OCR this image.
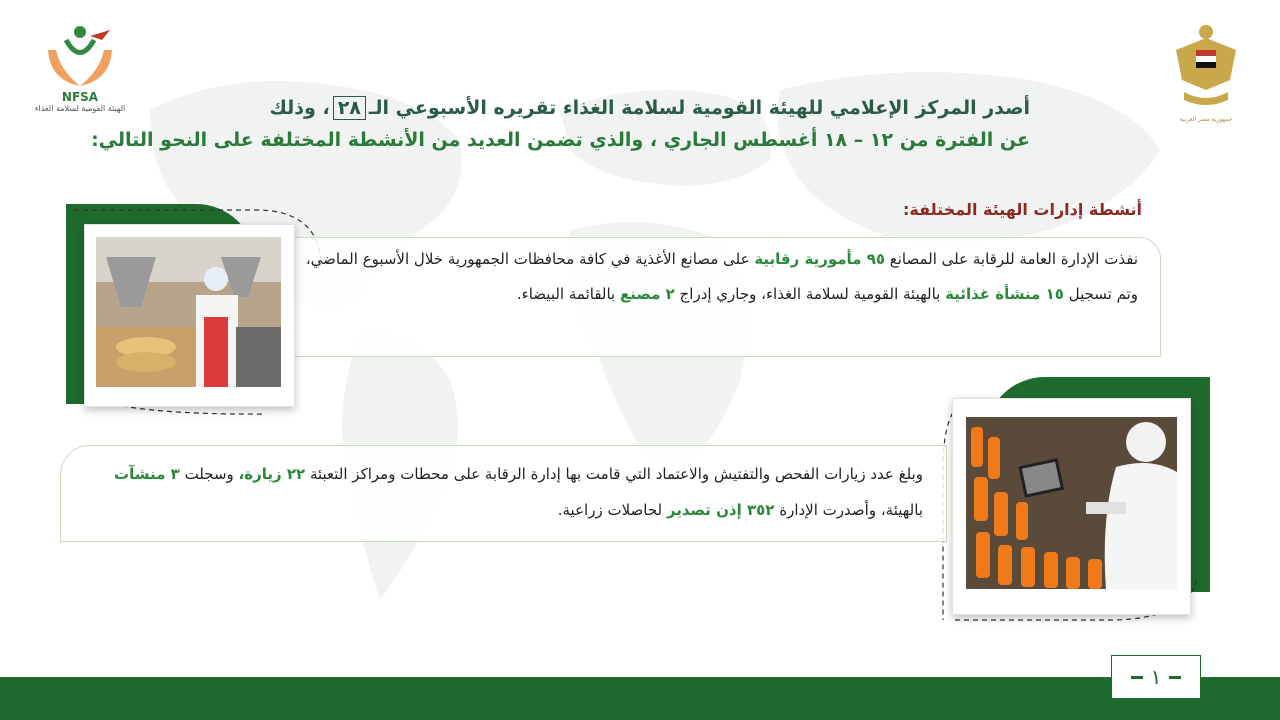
١
NFSA
الهيئة القومية لسلامة الغذاء
جمهورية مصر العربية
أصدر المركز الإعلامي للهيئة القومية لسلامة الغذاء تقريره الأسبوعي الـ٢٨، وذلك
عن الفترة من ١٢ – ١٨ أغسطس الجاري ، والذي تضمن العديد من الأنشطة المختلفة على النحو التالي:
أنشطة إدارات الهيئة المختلفة:
نفذت الإدارة العامة للرقابة على المصانع ٩٥ مأمورية رقابية على مصانع الأغذية في كافة محافظات الجمهورية خلال الأسبوع الماضي، وتم تسجيل ١٥ منشأة غذائية بالهيئة القومية لسلامة الغذاء، وجاري إدراج ٢ مصنع بالقائمة البيضاء.
وبلغ عدد زيارات الفحص والتفتيش والاعتماد التي قامت بها إدارة الرقابة على محطات ومراكز التعبئة ٢٢ زيارة، وسجلت ٣ منشآت بالهيئة، وأصدرت الإدارة ٣٥٢ إذن تصدير لحاصلات زراعية.
